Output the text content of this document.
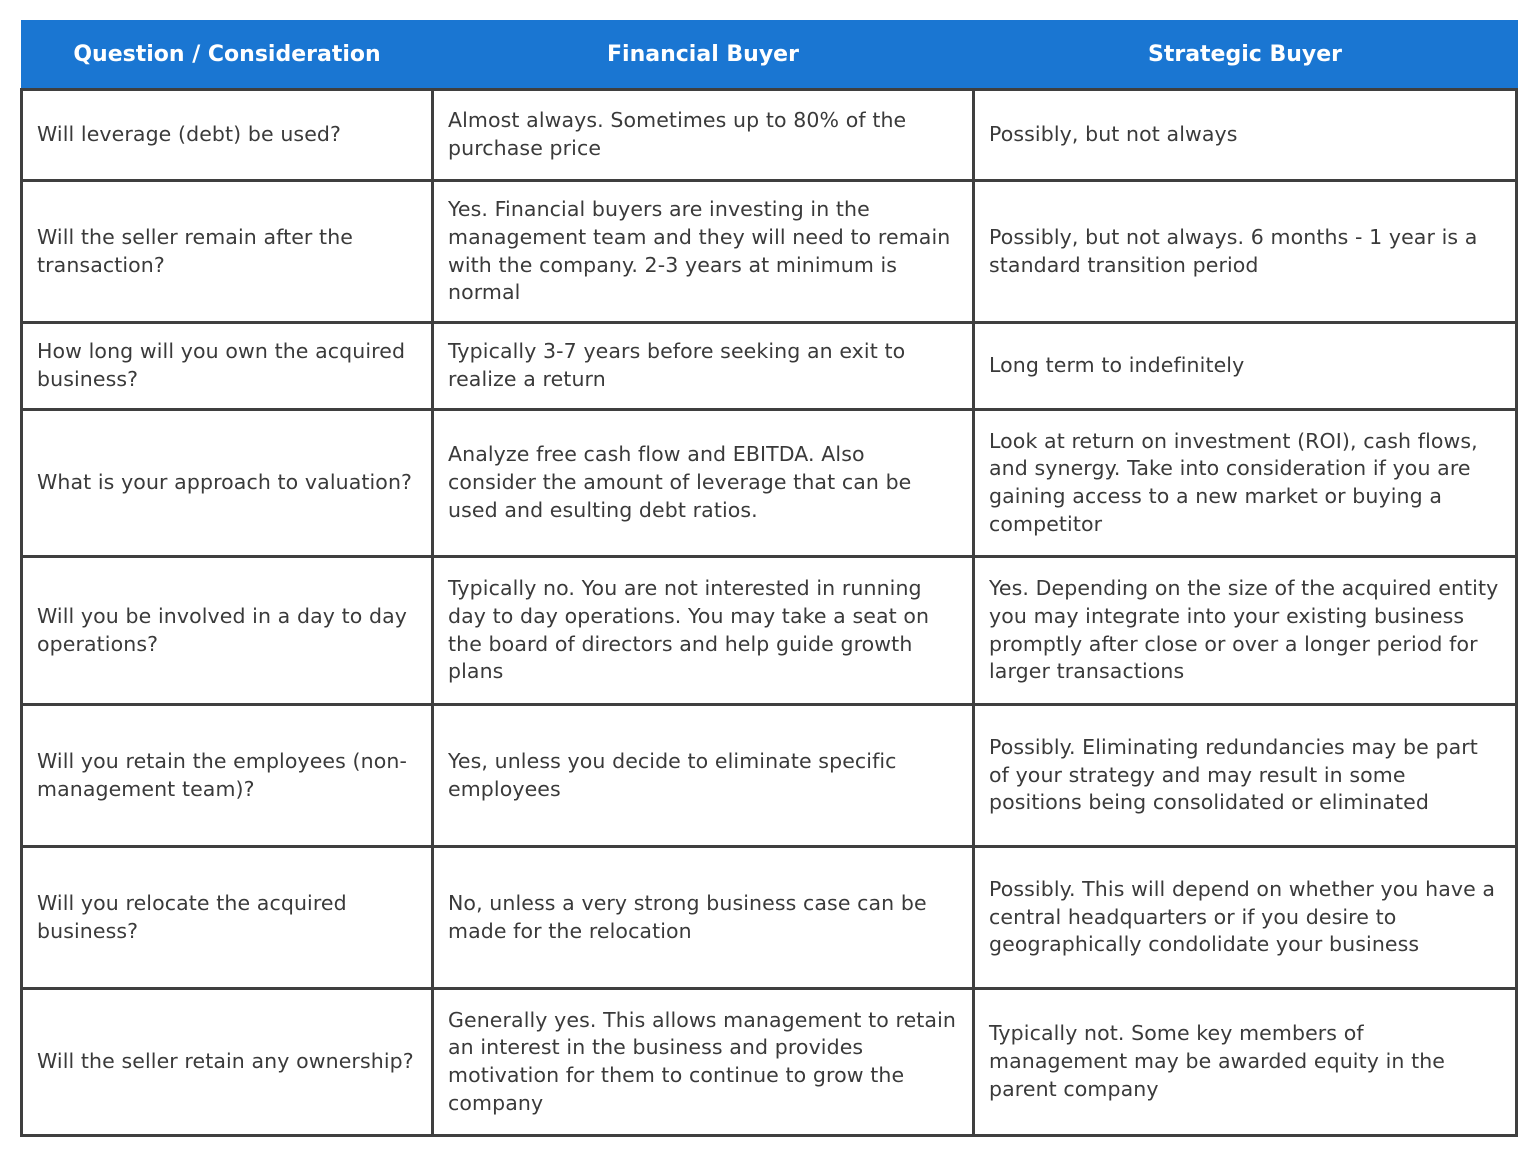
Question / Consideration	Financial Buyer	Strategic Buyer
Will leverage (debt) be used?	Almost always. Sometimes up to 80% of the purchase price	Possibly, but not always
Will the seller remain after the transaction?	Yes. Financial buyers are investing in the management team and they will need to remain with the company. 2-3 years at minimum is normal	Possibly, but not always. 6 months - 1 year is a standard transition period
How long will you own the acquired business?	Typically 3-7 years before seeking an exit to realize a return	Long term to indefinitely
What is your approach to valuation?	Analyze free cash flow and EBITDA. Also consider the amount of leverage that can be used and esulting debt ratios.	Look at return on investment (ROI), cash flows, and synergy. Take into consideration if you are gaining access to a new market or buying a competitor
Will you be involved in a day to day operations?	Typically no. You are not interested in running day to day operations. You may take a seat on the board of directors and help guide growth plans	Yes. Depending on the size of the acquired entity you may integrate into your existing business promptly after close or over a longer period for larger transactions
Will you retain the employees (non-management team)?	Yes, unless you decide to eliminate specific employees	Possibly. Eliminating redundancies may be part of your strategy and may result in some positions being consolidated or eliminated
Will you relocate the acquired business?	No, unless a very strong business case can be made for the relocation	Possibly. This will depend on whether you have a central headquarters or if you desire to geographically condolidate your business
Will the seller retain any ownership?	Generally yes. This allows management to retain an interest in the business and provides motivation for them to continue to grow the company	Typically not. Some key members of management may be awarded equity in the parent company
